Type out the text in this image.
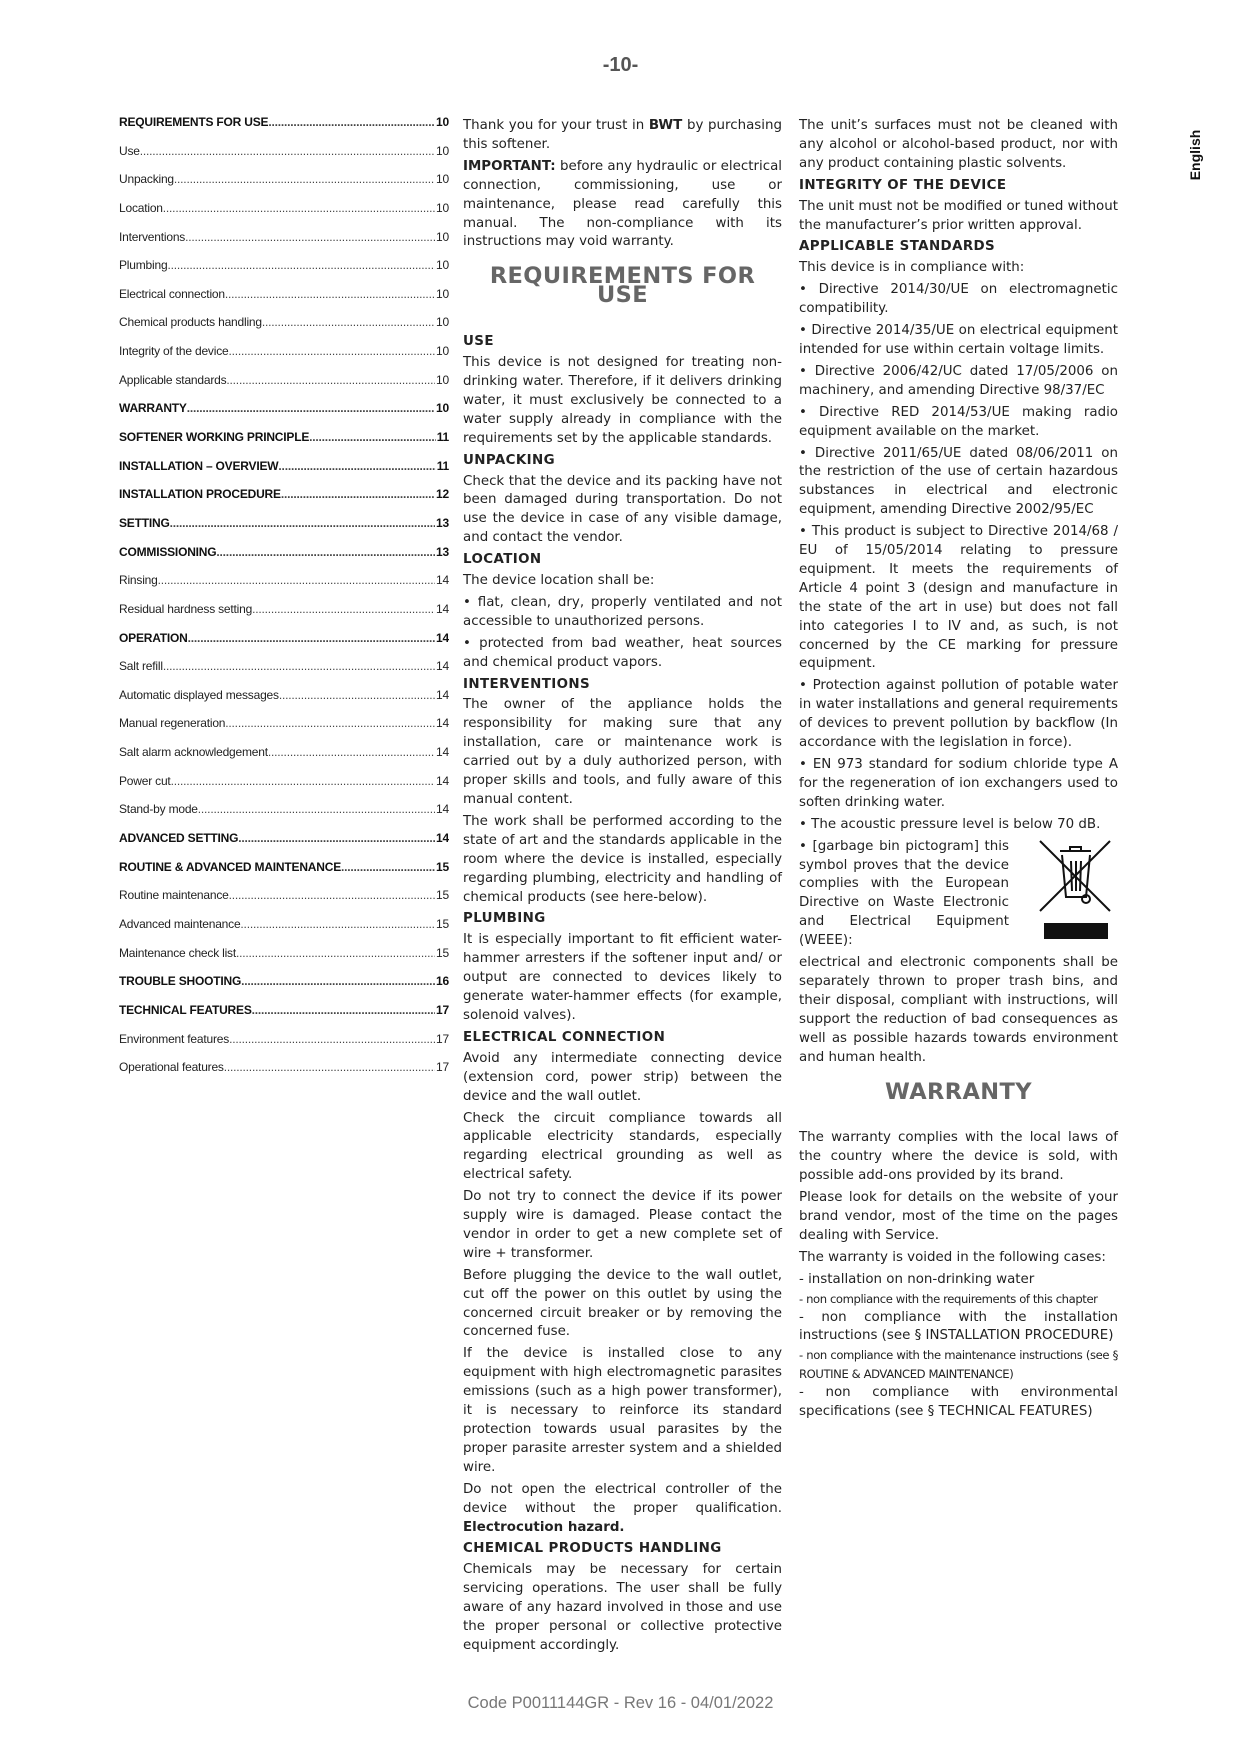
-10-
English
REQUIREMENTS FOR USE .....	10
Use .....	10
Unpacking .....	10
Location .....	10
Interventions .....	10
Plumbing .....	10
Electrical connection .....	10
Chemical products handling .....	10
Integrity of the device .....	10
Applicable standards .....	10
WARRANTY .....	10
SOFTENER WORKING PRINCIPLE .....	11
INSTALLATION – OVERVIEW .....	11
INSTALLATION PROCEDURE .....	12
SETTING .....	13
COMMISSIONING .....	13
Rinsing .....	14
Residual hardness setting .....	14
OPERATION .....	14
Salt refill .....	14
Automatic displayed messages .....	14
Manual regeneration .....	14
Salt alarm acknowledgement .....	14
Power cut .....	14
Stand-by mode .....	14
ADVANCED SETTING .....	14
ROUTINE & ADVANCED MAINTENANCE .....	15
Routine maintenance .....	15
Advanced maintenance .....	15
Maintenance check list .....	15
TROUBLE SHOOTING .....	16
TECHNICAL FEATURES .....	17
Environment features .....	17
Operational features .....	17

Thank you for your trust in BWT by purchasing this softener.

IMPORTANT: before any hydraulic or electrical connection, commissioning, use or maintenance, please read carefully this manual. The non-compliance with its instructions may void warranty.

REQUIREMENTS FOR USE
USE

This device is not designed for treating non-drinking water. Therefore, if it delivers drinking water, it must exclusively be connected to a water supply already in compliance with the requirements set by the applicable standards.

UNPACKING

Check that the device and its packing have not been damaged during transportation. Do not use the device in case of any visible damage, and contact the vendor.

LOCATION

The device location shall be:

• flat, clean, dry, properly ventilated and not accessible to unauthorized persons.

• protected from bad weather, heat sources and chemical product vapors.

INTERVENTIONS

The owner of the appliance holds the responsibility for making sure that any installation, care or maintenance work is carried out by a duly authorized person, with proper skills and tools, and fully aware of this manual content.

The work shall be performed according to the state of art and the standards applicable in the room where the device is installed, especially regarding plumbing, electricity and handling of chemical products (see here-below).

PLUMBING

It is especially important to fit efficient water-hammer arresters if the softener input and/ or output are connected to devices likely to generate water-hammer effects (for example, solenoid valves).

ELECTRICAL CONNECTION

Avoid any intermediate connecting device (extension cord, power strip) between the device and the wall outlet.

Check the circuit compliance towards all applicable electricity standards, especially regarding electrical grounding as well as electrical safety.

Do not try to connect the device if its power supply wire is damaged. Please contact the vendor in order to get a new complete set of wire + transformer.

Before plugging the device to the wall outlet, cut off the power on this outlet by using the concerned circuit breaker or by removing the concerned fuse.

If the device is installed close to any equipment with high electromagnetic parasites emissions (such as a high power transformer), it is necessary to reinforce its standard protection towards usual parasites by the proper parasite arrester system and a shielded wire.

Do not open the electrical controller of the device without the proper qualification. Electrocution hazard.

CHEMICAL PRODUCTS HANDLING

Chemicals may be necessary for certain servicing operations. The user shall be fully aware of any hazard involved in those and use the proper personal or collective protective equipment accordingly.

The unit’s surfaces must not be cleaned with any alcohol or alcohol-based product, nor with any product containing plastic solvents.

INTEGRITY OF THE DEVICE

The unit must not be modified or tuned without the manufacturer’s prior written approval.

APPLICABLE STANDARDS

This device is in compliance with:

• Directive 2014/30/UE on electromagnetic compatibility.

• Directive 2014/35/UE on electrical equipment intended for use within certain voltage limits.

• Directive 2006/42/UC dated 17/05/2006 on machinery, and amending Directive 98/37/EC

• Directive RED 2014/53/UE making radio equipment available on the market.

• Directive 2011/65/UE dated 08/06/2011 on the restriction of the use of certain hazardous substances in electrical and electronic equipment, amending Directive 2002/95/EC

• This product is subject to Directive 2014/68 / EU of 15/05/2014 relating to pressure equipment. It meets the requirements of Article 4 point 3 (design and manufacture in the state of the art in use) but does not fall into categories I to IV and, as such, is not concerned by the CE marking for pressure equipment.

• Protection against pollution of potable water in water installations and general requirements of devices to prevent pollution by backflow (In accordance with the legislation in force).

• EN 973 standard for sodium chloride type A for the regeneration of ion exchangers used to soften drinking water.

• The acoustic pressure level is below 70 dB.

• [garbage bin pictogram] this symbol proves that the device complies with the European Directive on Waste Electronic and Electrical Equipment (WEEE):

electrical and electronic components shall be separately thrown to proper trash bins, and their disposal, compliant with instructions, will support the reduction of bad consequences as well as possible hazards towards environment and human health.

WARRANTY

The warranty complies with the local laws of the country where the device is sold, with possible add-ons provided by its brand.

Please look for details on the website of your brand vendor, most of the time on the pages dealing with Service.

The warranty is voided in the following cases:

- installation on non-drinking water

- non compliance with the requirements of this chapter

- non compliance with the installation instructions (see § INSTALLATION PROCEDURE)

- non compliance with the maintenance instructions (see § ROUTINE & ADVANCED MAINTENANCE)

- non compliance with environmental specifications (see § TECHNICAL FEATURES)

Code P0011144GR - Rev 16 - 04/01/2022
